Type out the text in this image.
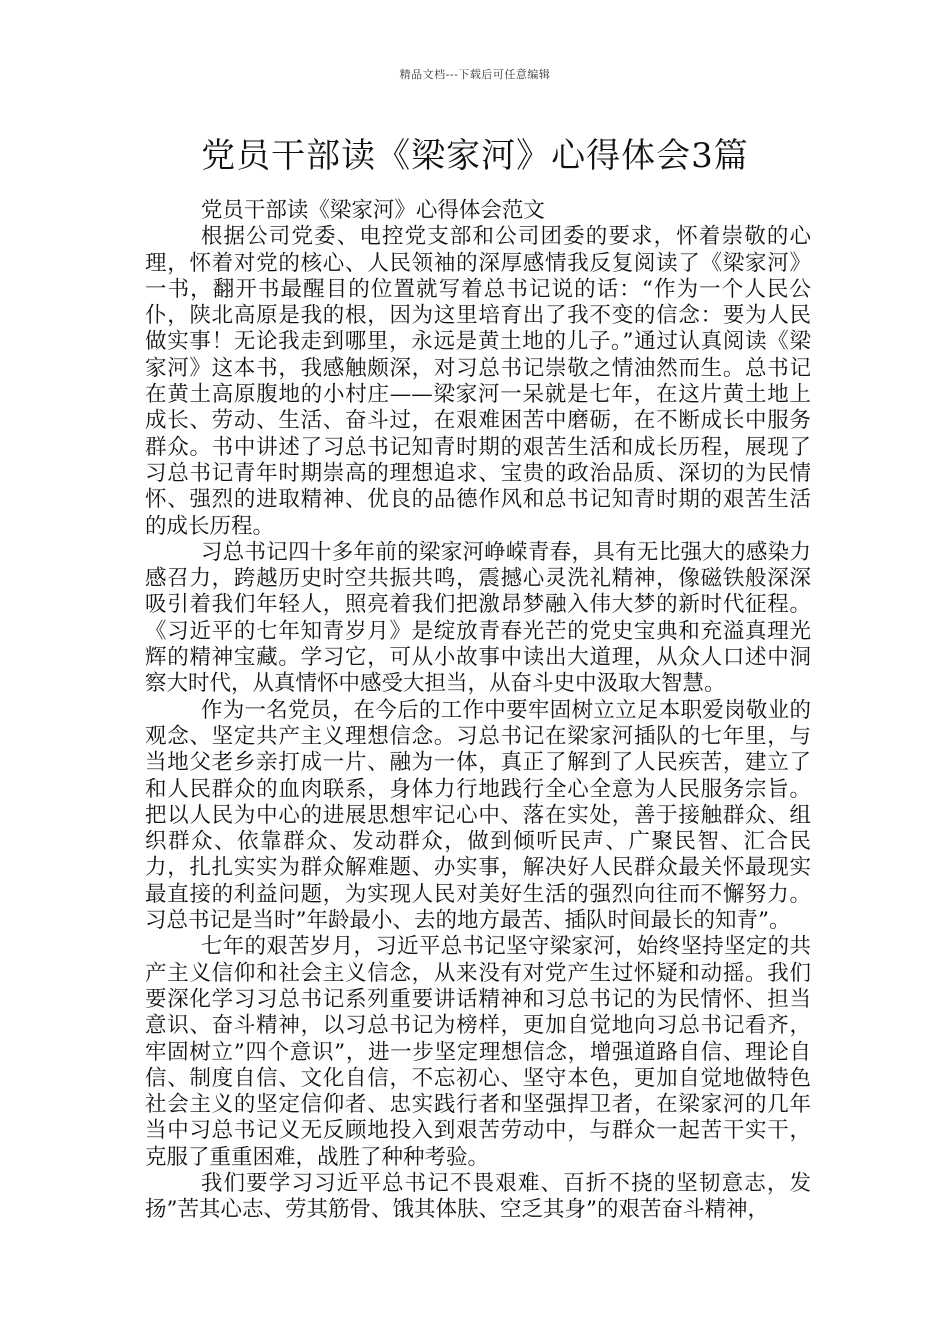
精品文档---下载后可任意编辑
党员干部读《梁家河》心得体会3篇

党员干部读《梁家河》心得体会范文

根据公司党委、电控党支部和公司团委的要求，怀着崇敬的心理，怀着对党的核心、人民领袖的深厚感情我反复阅读了《梁家河》一书，翻开书最醒目的位置就写着总书记说的话：“作为一个人民公仆，陕北高原是我的根，因为这里培育出了我不变的信念：要为人民做实事！无论我走到哪里，永远是黄土地的儿子。”通过认真阅读《梁家河》这本书，我感触颇深，对习总书记崇敬之情油然而生。总书记在黄土高原腹地的小村庄——梁家河一呆就是七年，在这片黄土地上成长、劳动、生活、奋斗过，在艰难困苦中磨砺，在不断成长中服务群众。书中讲述了习总书记知青时期的艰苦生活和成长历程，展现了习总书记青年时期崇高的理想追求、宝贵的政治品质、深切的为民情怀、强烈的进取精神、优良的品德作风和总书记知青时期的艰苦生活的成长历程。

习总书记四十多年前的梁家河峥嵘青春，具有无比强大的感染力感召力，跨越历史时空共振共鸣，震撼心灵洗礼精神，像磁铁般深深吸引着我们年轻人，照亮着我们把激昂梦融入伟大梦的新时代征程。《习近平的七年知青岁月》是绽放青春光芒的党史宝典和充溢真理光辉的精神宝藏。学习它，可从小故事中读出大道理，从众人口述中洞察大时代，从真情怀中感受大担当，从奋斗史中汲取大智慧。

作为一名党员，在今后的工作中要牢固树立立足本职爱岗敬业的观念、坚定共产主义理想信念。习总书记在梁家河插队的七年里，与当地父老乡亲打成一片、融为一体，真正了解到了人民疾苦，建立了和人民群众的血肉联系，身体力行地践行全心全意为人民服务宗旨。把以人民为中心的进展思想牢记心中、落在实处，善于接触群众、组织群众、依靠群众、发动群众，做到倾听民声、广聚民智、汇合民力，扎扎实实为群众解难题、办实事，解决好人民群众最关怀最现实最直接的利益问题，为实现人民对美好生活的强烈向往而不懈努力。习总书记是当时”年龄最小、去的地方最苦、插队时间最长的知青”。

七年的艰苦岁月，习近平总书记坚守梁家河，始终坚持坚定的共产主义信仰和社会主义信念，从来没有对党产生过怀疑和动摇。我们要深化学习习总书记系列重要讲话精神和习总书记的为民情怀、担当意识、奋斗精神，以习总书记为榜样，更加自觉地向习总书记看齐，牢固树立”四个意识”，进一步坚定理想信念，增强道路自信、理论自信、制度自信、文化自信，不忘初心、坚守本色，更加自觉地做特色社会主义的坚定信仰者、忠实践行者和坚强捍卫者，在梁家河的几年当中习总书记义无反顾地投入到艰苦劳动中，与群众一起苦干实干，克服了重重困难，战胜了种种考验。

我们要学习习近平总书记不畏艰难、百折不挠的坚韧意志，发扬”苦其心志、劳其筋骨、饿其体肤、空乏其身”的艰苦奋斗精神，
